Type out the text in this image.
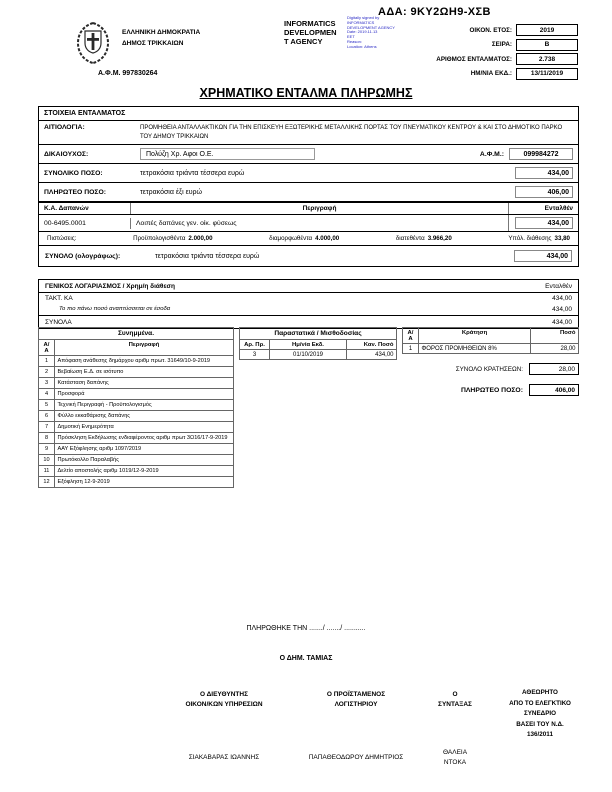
ΑΔΑ: 9ΚΥ2ΩΗ9-ΧΣΒ
ΕΛΛΗΝΙΚΗ ΔΗΜΟΚΡΑΤΙΑ
ΔΗΜΟΣ ΤΡΙΚΚΑΙΩΝ
Α.Φ.Μ. 997830264
INFORMATICS
DEVELOPMEN
T AGENCY
Digitally signed by
INFORMATICS
DEVELOPMENT AGENCY
Date: 2019.11.13
EET
Reason:
Location: Athens
ΟΙΚΟΝ. ΕΤΟΣ:	2019
ΣΕΙΡΑ:	Β
ΑΡΙΘΜΟΣ ΕΝΤΑΛΜΑΤΟΣ:	2.738
ΗΜ/ΝΙΑ ΕΚΔ.:	13/11/2019
ΧΡΗΜΑΤΙΚΟ ΕΝΤΑΛΜΑ ΠΛΗΡΩΜΗΣ
ΣΤΟΙΧΕΙΑ ΕΝΤΑΛΜΑΤΟΣ
ΑΙΤΙΟΛΟΓΙΑ:	ΠΡΟΜΗΘΕΙΑ ΑΝΤΑΛΛΑΚΤΙΚΩΝ ΓΙΑ ΤΗΝ ΕΠΙΣΚΕΥΗ ΕΞΩΤΕΡΙΚΗΣ ΜΕΤΑΛΛΙΚΗΣ ΠΟΡΤΑΣ ΤΟΥ ΠΝΕΥΜΑΤΙΚΟΥ ΚΕΝΤΡΟΥ & ΚΑΙ ΣΤΟ ΔΗΜΟΤΙΚΟ ΠΑΡΚΟ ΤΟΥ ΔΗΜΟΥ ΤΡΙΚΚΑΙΩΝ
ΔΙΚΑΙΟΥΧΟΣ:	Πολύζη Χρ. Αφοι Ο.Ε.	Α.Φ.Μ.:	099984272
ΣΥΝΟΛΙΚΟ ΠΟΣΟ:	τετρακόσια τριάντα τέσσερα ευρώ	434,00
ΠΛΗΡΩΤΕΟ ΠΟΣΟ:	τετρακόσια έξι ευρώ	406,00
Κ.Α. Δαπανών	Περιγραφή	Ενταλθέν
00-6495.0001	Λοιπές δαπάνες γεν. οίκ. φύσεως	434,00
Πιστώσεις:	Προϋπολογισθέντα 2.000,00	διαμορφωθέντα 4.000,00	διατεθέντα 3.966,20	Υπόλ. διάθεσης 33,80
ΣΥΝΟΛΟ (ολογράφως):	τετρακόσια τριάντα τέσσερα ευρώ	434,00
ΓΕΝΙΚΟΣ ΛΟΓΑΡΙΑΣΜΟΣ / Χρημ/η διάθεση	Ενταλθέν
ΤΑΚΤ. ΚΑ	434,00
Το πιο πάνω ποσό αναπτύσσεται σε έσοδα	434,00
ΣΥΝΟΛΑ	434,00
Συνημμένα.
Α/Α	Περιγραφή
1	Απόφαση ανάθεσης δημάρχου αριθμ πρωτ. 31649/10-9-2019
2	Βεβαίωση Ε.Δ. σε ισότυπο
3	Κατάσταση δαπάνης
4	Προσφορά
5	Τεχνική Περιγραφή - Προϋπολογισμός
6	Φύλλο εκκαθάρισης δαπάνης
7	Δημοτική Ενημερότητα
8	Πρόσκληση Εκδήλωσης ενδιαφέροντος αριθμ πρωτ 3Ω16/17-9-2019
9	ΑΑΥ Εξόφλησης αριθμ 1097/2019
10	Πρωτόκολλο Παραλαβής
11	Δελτίο αποστολής αριθμ 1019/12-9-2019
12	Εξόφληση 12-9-2019
Παραστατικά / Μισθοδοσίας
Αρ. Πρ.	Ημ/νία Εκδ.	Καν. Ποσό
3	01/10/2019	434,00
Α/Α	Κράτηση	Ποσό
1	ΦΟΡΟΣ ΠΡΟΜΗΘΕΙΩΝ 8%	28,00
ΣΥΝΟΛΟ ΚΡΑΤΗΣΕΩΝ:	28,00
ΠΛΗΡΩΤΕΟ ΠΟΣΟ:	406,00
ΠΛΗΡΩΘΗΚΕ ΤΗΝ ......./ ......./ ...........
Ο ΔΗΜ. ΤΑΜΙΑΣ
Ο ΔΙΕΥΘΥΝΤΗΣ
ΟΙΚΟΝ/ΚΩΝ ΥΠΗΡΕΣΙΩΝ
ΣΙΑΚΑΒΑΡΑΣ ΙΩΑΝΝΗΣ
Ο ΠΡΟΪΣΤΑΜΕΝΟΣ
ΛΟΓΙΣΤΗΡΙΟΥ
ΠΑΠΑΘΕΟΔΩΡΟΥ ΔΗΜΗΤΡΙΟΣ
Ο
ΣΥΝΤΑΞΑΣ
ΘΑΛΕΙΑ
ΝΤΟΚΑ
ΑΘΕΩΡΗΤΟ
ΑΠΟ ΤΟ ΕΛΕΓΚΤΙΚΟ
ΣΥΝΕΔΡΙΟ
ΒΑΣΕΙ ΤΟΥ Ν.Δ.
136/2011
